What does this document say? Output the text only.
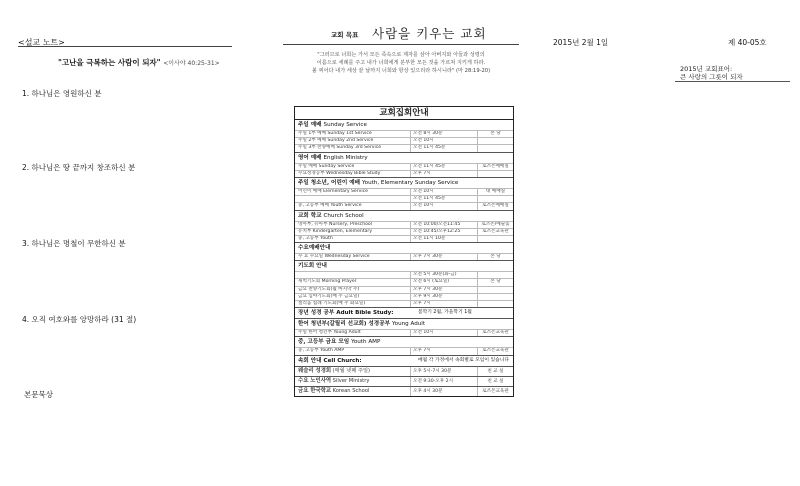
<설교 노트>
"고난을 극복하는 사람이 되자" <이사야 40:25-31>
1. 하나님은 영원하신 분
2. 하나님은 땅 끝까지 창조하신 분
3. 하나님은 명철이 무한하신 분
4. 오직 여호와를 앙망하라 (31 절)
본문묵상
교회 목표 사람을 키우는 교회
"그러므로 너희는 가서 모든 족속으로 제자를 삼아 아버지와 아들과 성령의
이름으로 세례를 주고 내가 너희에게 분부한 모든 것을 가르쳐 지키게 하라.
볼 찌어다 내가 세상 끝 날까지 너희와 항상 있으리라 하시니라" (마 28:19-20)
2015년 2월 1일	제 40-05호
2015년 교회표어:
큰 사랑의 그릇이 되자
교회집회안내
주일 예배 Sunday Service
주일 1부 예배 Sunday 1st Service	오전 8시 30분	본 당
주일 2부 예배 Sunday 2nd Service	오전 10시
주일 3부 찬양예배 Sunday 3rd Service	오전 11시 45분
영어 예배 English Ministry
주일 예배 Sunday Service	오전 11시 45분	로즈몬예배실
수요성경공부 Wednesday Bible Study	오후 7시
주일 청소년, 어린이 예배 Youth, Elementary Sunday Service
어린이 예배 Elementary Service	오전 10시	대 예배실
오전 11시 45분
중, 고등부 예배 Youth Service	오전 10시	로즈몬예배실
교회 학교 Church School
영아부, 유아부 Nursery, Preschool	오전 10:00/오전11:45	로즈몬/예술홀
유치부 Kindergarten, Elementary	오전 10:45/오후12:25	로즈몬교육관
중, 고등부 Youth	오전 11시 10분
수요예배안내
수 요 수요일 Wednesday Service	오후 7시 30분	본 당
기도회 안내
오전 5시 30분(화-금)
새벽기도회 Morning Prayer	오전 6시 (토요일)	본 당
금요 찬양기도회(월 마지막 주)	오후 7시 30분
금요 심야기도회(매 주 금요일)	오후 9시 30분
셀리움 침례 기도회(매 주 화요일)	오후 7시
장년 성경 공부 Adult Bible Study:	봄학기 2월, 가을학기 1월
한어 청년부(갈릴리 선교회) 성경공부 Young Adult
주일 한어 청년부 Young Adult	오전 10시	로즈몬교육관
중, 고등부 금요 모임 Youth AMP
중, 고등부 Youth AMP	오후 7시	로즈몬교육관
속회 안내 Cell Church:	매월 각 가정에서 속회별로 모임이 있습니다
웨슬리 성경회 (매월 넷째 주일)	오후 5시-7시 30분	친 교 실
수요 노인사역 Silver Ministry	오전 9:30-오후 2시	친 교 실
금요 한국학교 Korean School	오후 4시 30분	로즈몬교육관
